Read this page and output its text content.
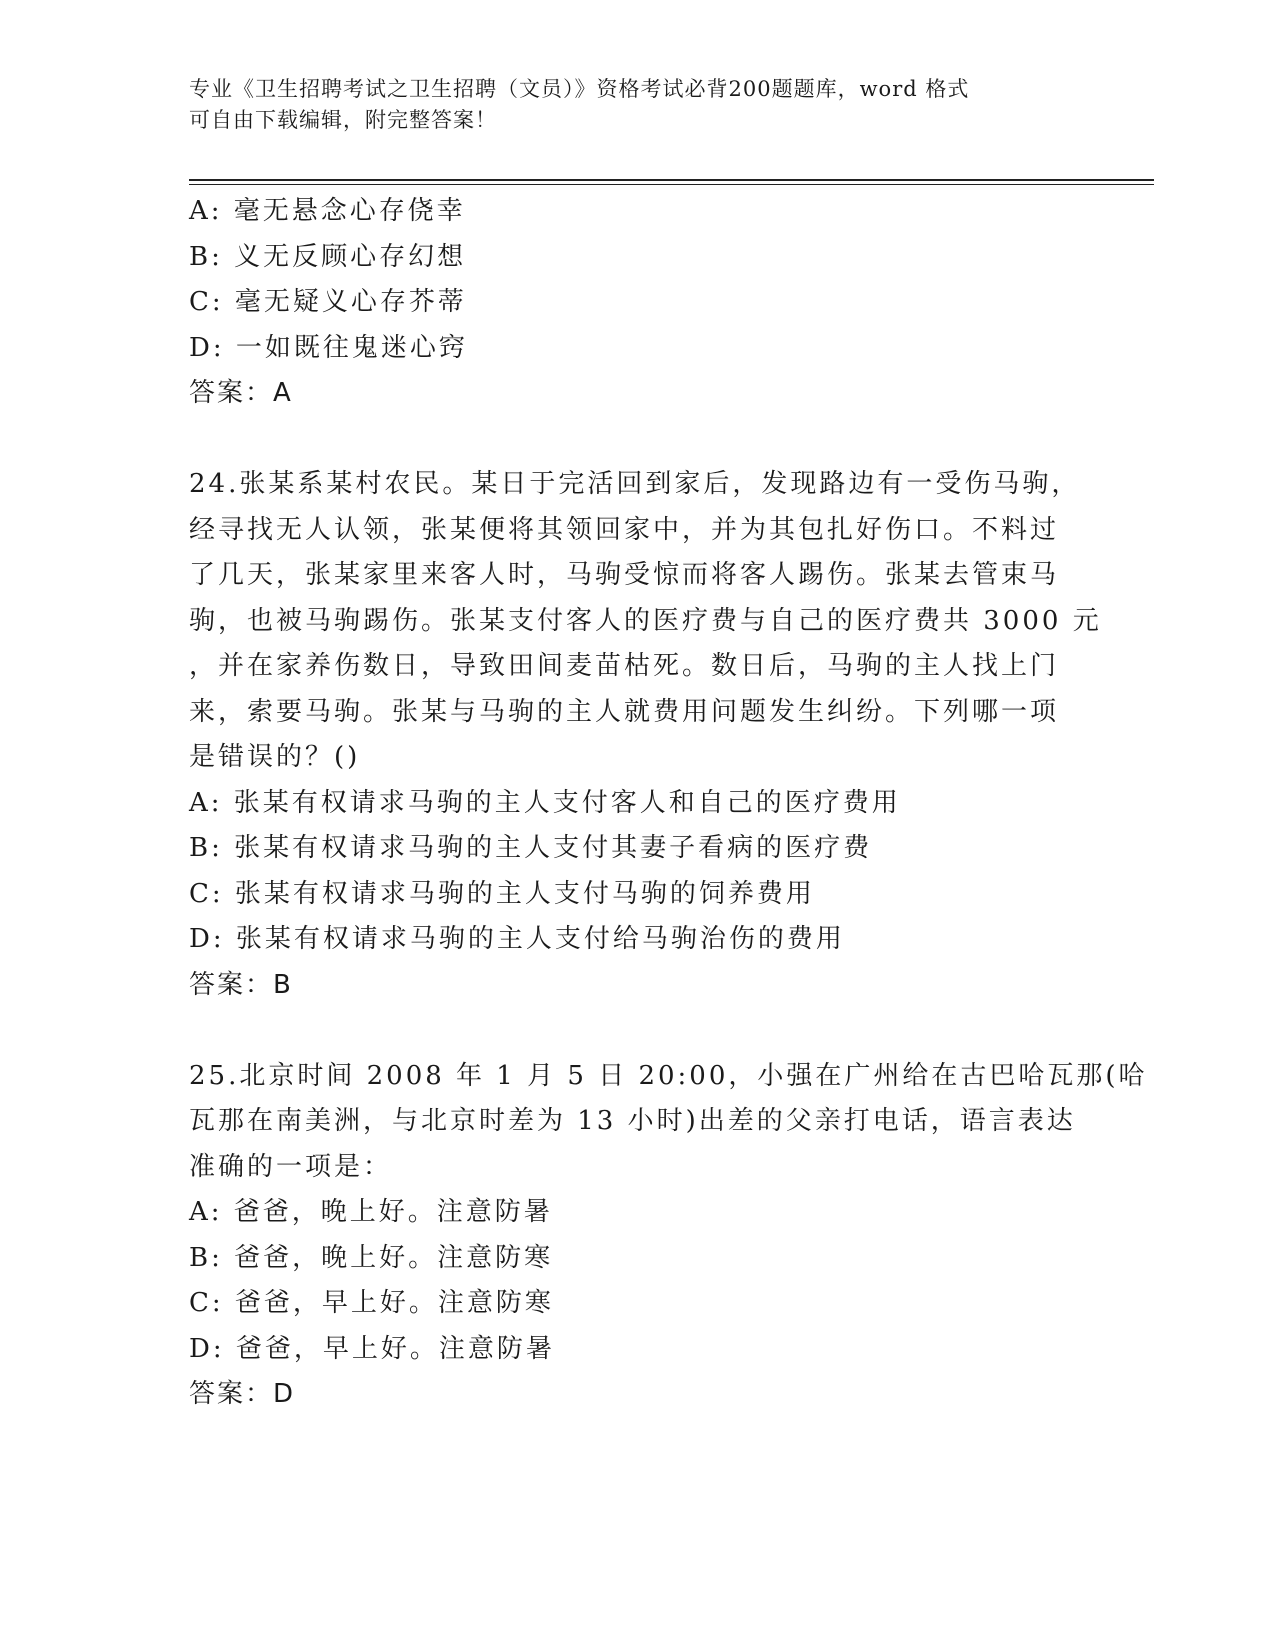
专业《卫生招聘考试之卫生招聘（文员）》资格考试必背200题题库，word 格式
可自由下载编辑，附完整答案！
A: 毫无悬念心存侥幸
B: 义无反顾心存幻想
C: 毫无疑义心存芥蒂
D: 一如既往鬼迷心窍
答案：A
24.张某系某村农民。某日于完活回到家后，发现路边有一受伤马驹，
经寻找无人认领，张某便将其领回家中，并为其包扎好伤口。不料过
了几天，张某家里来客人时，马驹受惊而将客人踢伤。张某去管束马
驹，也被马驹踢伤。张某支付客人的医疗费与自己的医疗费共 3000 元
，并在家养伤数日，导致田间麦苗枯死。数日后，马驹的主人找上门
来，索要马驹。张某与马驹的主人就费用问题发生纠纷。下列哪一项
是错误的？()
A: 张某有权请求马驹的主人支付客人和自己的医疗费用
B: 张某有权请求马驹的主人支付其妻子看病的医疗费
C: 张某有权请求马驹的主人支付马驹的饲养费用
D: 张某有权请求马驹的主人支付给马驹治伤的费用
答案：B
25.北京时间 2008 年 1 月 5 日 20:00，小强在广州给在古巴哈瓦那(哈
瓦那在南美洲，与北京时差为 13 小时)出差的父亲打电话，语言表达
准确的一项是：
A: 爸爸，晚上好。注意防暑
B: 爸爸，晚上好。注意防寒
C: 爸爸，早上好。注意防寒
D: 爸爸，早上好。注意防暑
答案：D
